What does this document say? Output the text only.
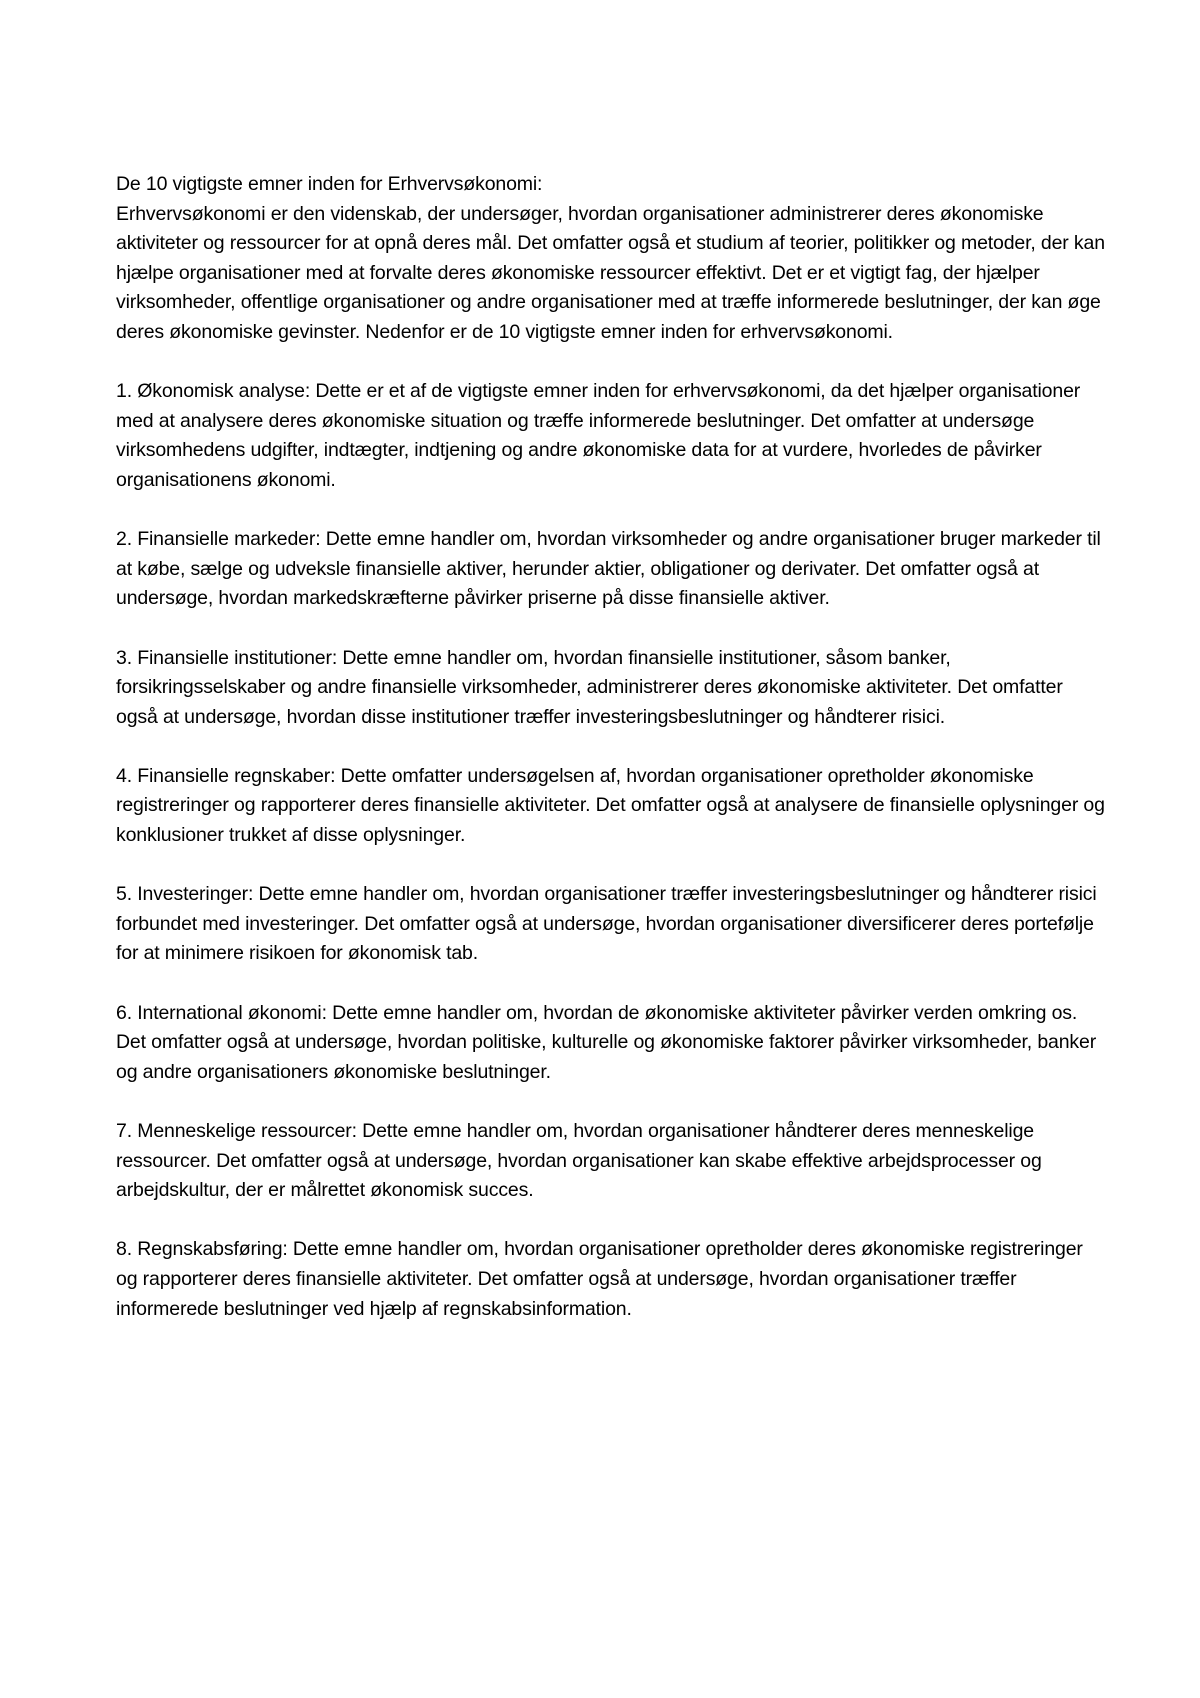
De 10 vigtigste emner inden for Erhvervsøkonomi:

Erhvervsøkonomi er den videnskab, der undersøger, hvordan organisationer administrerer deres økonomiske aktiviteter og ressourcer for at opnå deres mål. Det omfatter også et studium af teorier, politikker og metoder, der kan hjælpe organisationer med at forvalte deres økonomiske ressourcer effektivt. Det er et vigtigt fag, der hjælper virksomheder, offentlige organisationer og andre organisationer med at træffe informerede beslutninger, der kan øge deres økonomiske gevinster. Nedenfor er de 10 vigtigste emner inden for erhvervsøkonomi.

1. Økonomisk analyse: Dette er et af de vigtigste emner inden for erhvervsøkonomi, da det hjælper organisationer med at analysere deres økonomiske situation og træffe informerede beslutninger. Det omfatter at undersøge virksomhedens udgifter, indtægter, indtjening og andre økonomiske data for at vurdere, hvorledes de påvirker organisationens økonomi.

2. Finansielle markeder: Dette emne handler om, hvordan virksomheder og andre organisationer bruger markeder til at købe, sælge og udveksle finansielle aktiver, herunder aktier, obligationer og derivater. Det omfatter også at undersøge, hvordan markedskræfterne påvirker priserne på disse finansielle aktiver.

3. Finansielle institutioner: Dette emne handler om, hvordan finansielle institutioner, såsom banker, forsikringsselskaber og andre finansielle virksomheder, administrerer deres økonomiske aktiviteter. Det omfatter også at undersøge, hvordan disse institutioner træffer investeringsbeslutninger og håndterer risici.

4. Finansielle regnskaber: Dette omfatter undersøgelsen af, hvordan organisationer opretholder økonomiske registreringer og rapporterer deres finansielle aktiviteter. Det omfatter også at analysere de finansielle oplysninger og konklusioner trukket af disse oplysninger.

5. Investeringer: Dette emne handler om, hvordan organisationer træffer investeringsbeslutninger og håndterer risici forbundet med investeringer. Det omfatter også at undersøge, hvordan organisationer diversificerer deres portefølje for at minimere risikoen for økonomisk tab.

6. International økonomi: Dette emne handler om, hvordan de økonomiske aktiviteter påvirker verden omkring os. Det omfatter også at undersøge, hvordan politiske, kulturelle og økonomiske faktorer påvirker virksomheder, banker og andre organisationers økonomiske beslutninger.

7. Menneskelige ressourcer: Dette emne handler om, hvordan organisationer håndterer deres menneskelige ressourcer. Det omfatter også at undersøge, hvordan organisationer kan skabe effektive arbejdsprocesser og arbejdskultur, der er målrettet økonomisk succes.

8. Regnskabsføring: Dette emne handler om, hvordan organisationer opretholder deres økonomiske registreringer og rapporterer deres finansielle aktiviteter. Det omfatter også at undersøge, hvordan organisationer træffer informerede beslutninger ved hjælp af regnskabsinformation.
